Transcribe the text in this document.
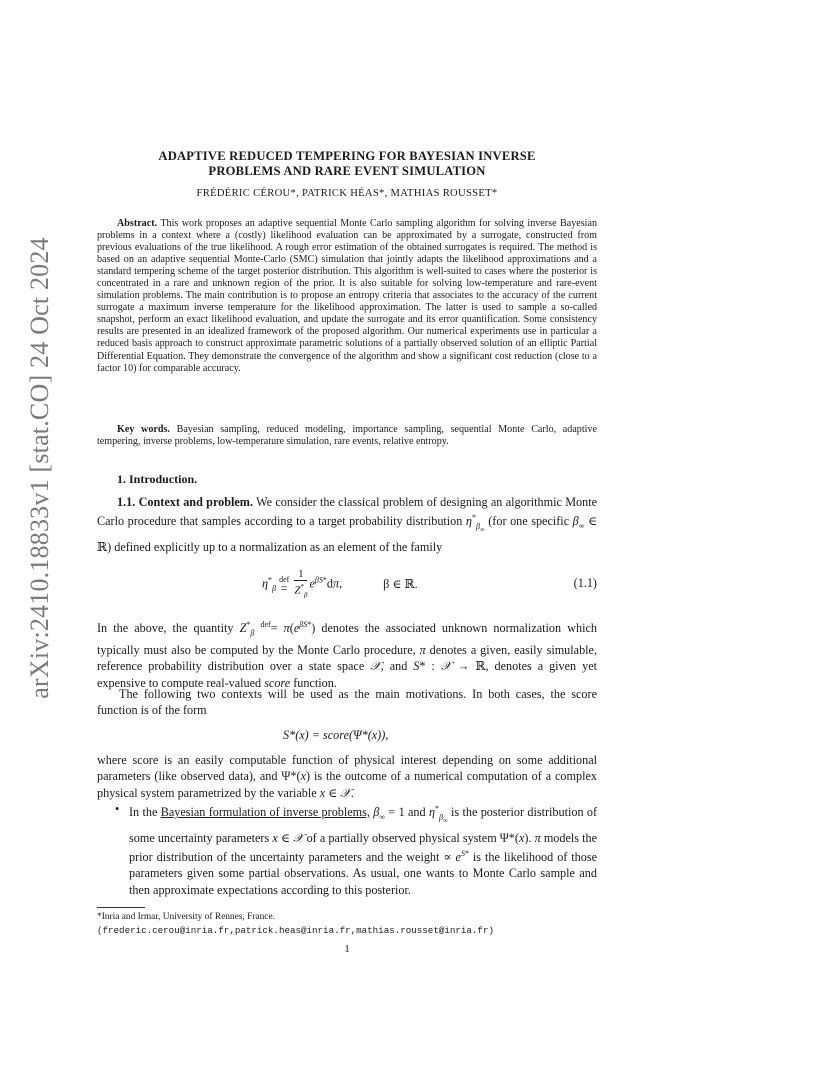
arXiv:2410.18833v1 [stat.CO] 24 Oct 2024
ADAPTIVE REDUCED TEMPERING FOR BAYESIAN INVERSE
PROBLEMS AND RARE EVENT SIMULATION
FRÉDÉRIC CÉROU*, PATRICK HÉAS*, MATHIAS ROUSSET*
Abstract. This work proposes an adaptive sequential Monte Carlo sampling algorithm for solving inverse Bayesian problems in a context where a (costly) likelihood evaluation can be approximated by a surrogate, constructed from previous evaluations of the true likelihood. A rough error estimation of the obtained surrogates is required. The method is based on an adaptive sequential Monte-Carlo (SMC) simulation that jointly adapts the likelihood approximations and a standard tempering scheme of the target posterior distribution. This algorithm is well-suited to cases where the posterior is concentrated in a rare and unknown region of the prior. It is also suitable for solving low-temperature and rare-event simulation problems. The main contribution is to propose an entropy criteria that associates to the accuracy of the current surrogate a maximum inverse temperature for the likelihood approximation. The latter is used to sample a so-called snapshot, perform an exact likelihood evaluation, and update the surrogate and its error quantification. Some consistency results are presented in an idealized framework of the proposed algorithm. Our numerical experiments use in particular a reduced basis approach to construct approximate parametric solutions of a partially observed solution of an elliptic Partial Differential Equation. They demonstrate the convergence of the algorithm and show a significant cost reduction (close to a factor 10) for comparable accuracy.
Key words. Bayesian sampling, reduced modeling, importance sampling, sequential Monte Carlo, adaptive tempering, inverse problems, low-temperature simulation, rare events, relative entropy.
1. Introduction.
1.1. Context and problem. We consider the classical problem of designing an algorithmic Monte Carlo procedure that samples according to a target probability distribution $\eta^*_{\beta_\infty}$ (for one specific $\beta_\infty$ ∈ ℝ) defined explicitly up to a normalization as an element of the family
$\eta^*_\beta$ def
= $\frac{1}{Z^*_\beta} e^{\beta S*}d\pi$,	β ∈ ℝ.	(1.1)
In the above, the quantity $Z^*_\beta$ $^{def}= \pi(e^{\beta S*})$ denotes the associated unknown normalization which typically must also be computed by the Monte Carlo procedure, π denotes a given, easily simulable, reference probability distribution over a state space 𝒳, and S* : 𝒳 → ℝ, denotes a given yet expensive to compute real-valued score function.
The following two contexts will be used as the main motivations. In both cases, the score function is of the form
S*(x) = score(Ψ*(x)),
where score is an easily computable function of physical interest depending on some additional parameters (like observed data), and Ψ*(x) is the outcome of a numerical computation of a complex physical system parametrized by the variable x ∈ 𝒳.
• In the Bayesian formulation of inverse problems, $\beta_\infty = 1$ and $\eta^*_{\beta_\infty}$ is the posterior distribution of some uncertainty parameters x ∈ 𝒳 of a partially observed physical system Ψ*(x). π models the prior distribution of the uncertainty parameters and the weight ∝ $e^{S*}$ is the likelihood of those parameters given some partial observations. As usual, one wants to Monte Carlo sample and then approximate expectations according to this posterior.
*Inria and Irmar, University of Rennes, France.
(frederic.cerou@inria.fr,patrick.heas@inria.fr,mathias.rousset@inria.fr)
1
